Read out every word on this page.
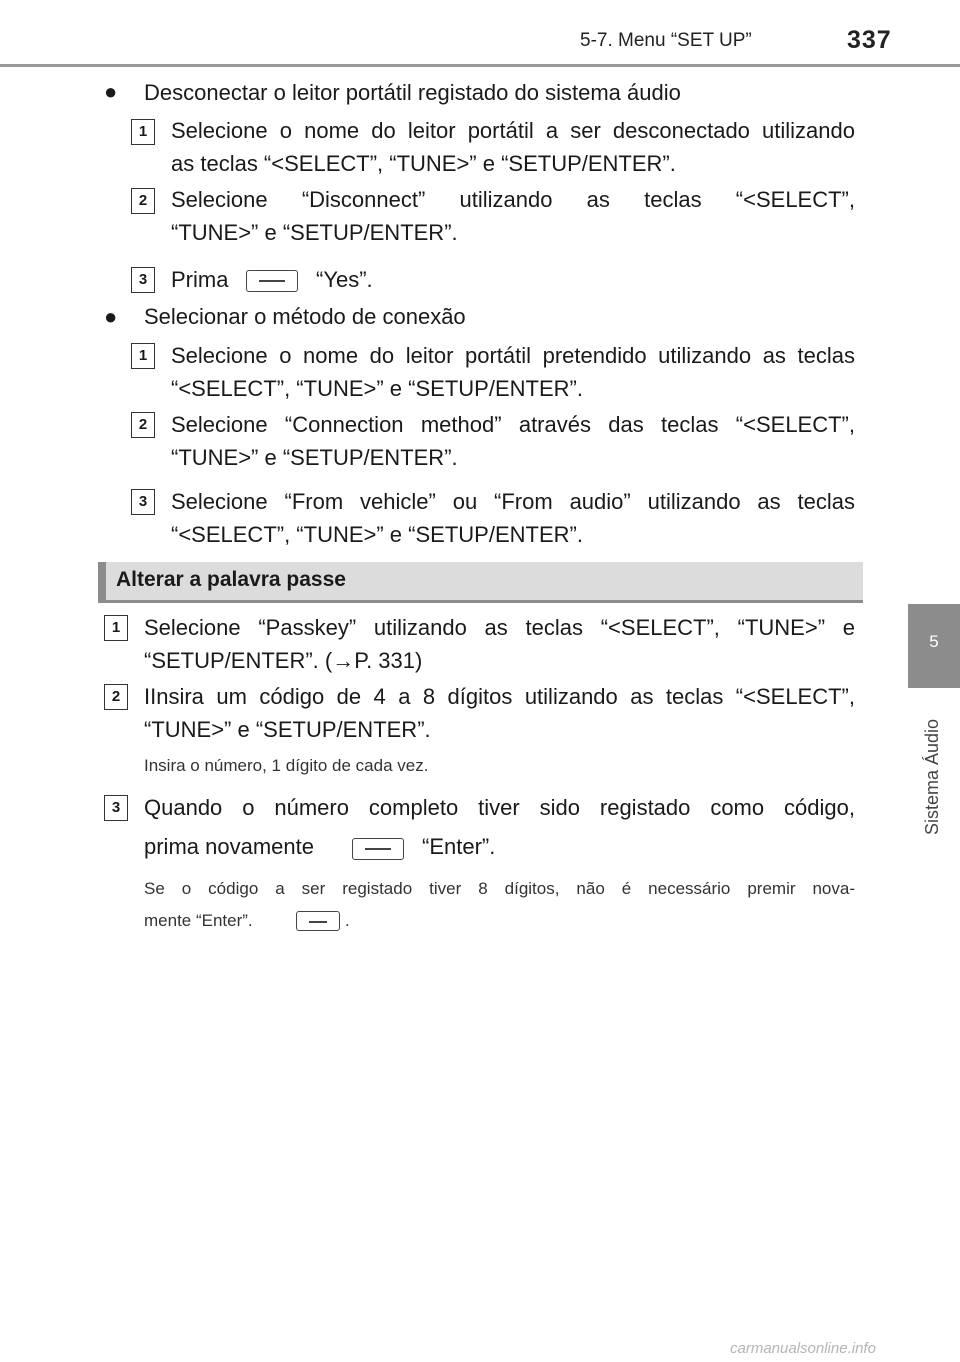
5-7. Menu “SET UP”	337
5
Sistema Áudio
● Desconectar o leitor portátil registado do sistema áudio
1	Selecione o nome do leitor portátil a ser desconectado utilizando
as teclas “<SELECT”, “TUNE>” e “SETUP/ENTER”.
2	Selecione “Disconnect” utilizando as teclas “<SELECT”,
“TUNE>” e “SETUP/ENTER”.
3	Prima	“Yes”.
● Selecionar o método de conexão
1	Selecione o nome do leitor portátil pretendido utilizando as teclas
“<SELECT”, “TUNE>” e “SETUP/ENTER”.
2	Selecione “Connection method” através das teclas “<SELECT”,
“TUNE>” e “SETUP/ENTER”.
3	Selecione “From vehicle” ou “From audio” utilizando as teclas
“<SELECT”, “TUNE>” e “SETUP/ENTER”.
Alterar a palavra passe
1	Selecione “Passkey” utilizando as teclas “<SELECT”, “TUNE>” e
“SETUP/ENTER”. (→P. 331)
2	IInsira um código de 4 a 8 dígitos utilizando as teclas “<SELECT”,
“TUNE>” e “SETUP/ENTER”.
Insira o número, 1 dígito de cada vez.
3	Quando o número completo tiver sido registado como código,
prima novamente	“Enter”.
Se o código a ser registado tiver 8 dígitos, não é necessário premir nova-
mente “Enter”.	.
carmanualsonline.info
